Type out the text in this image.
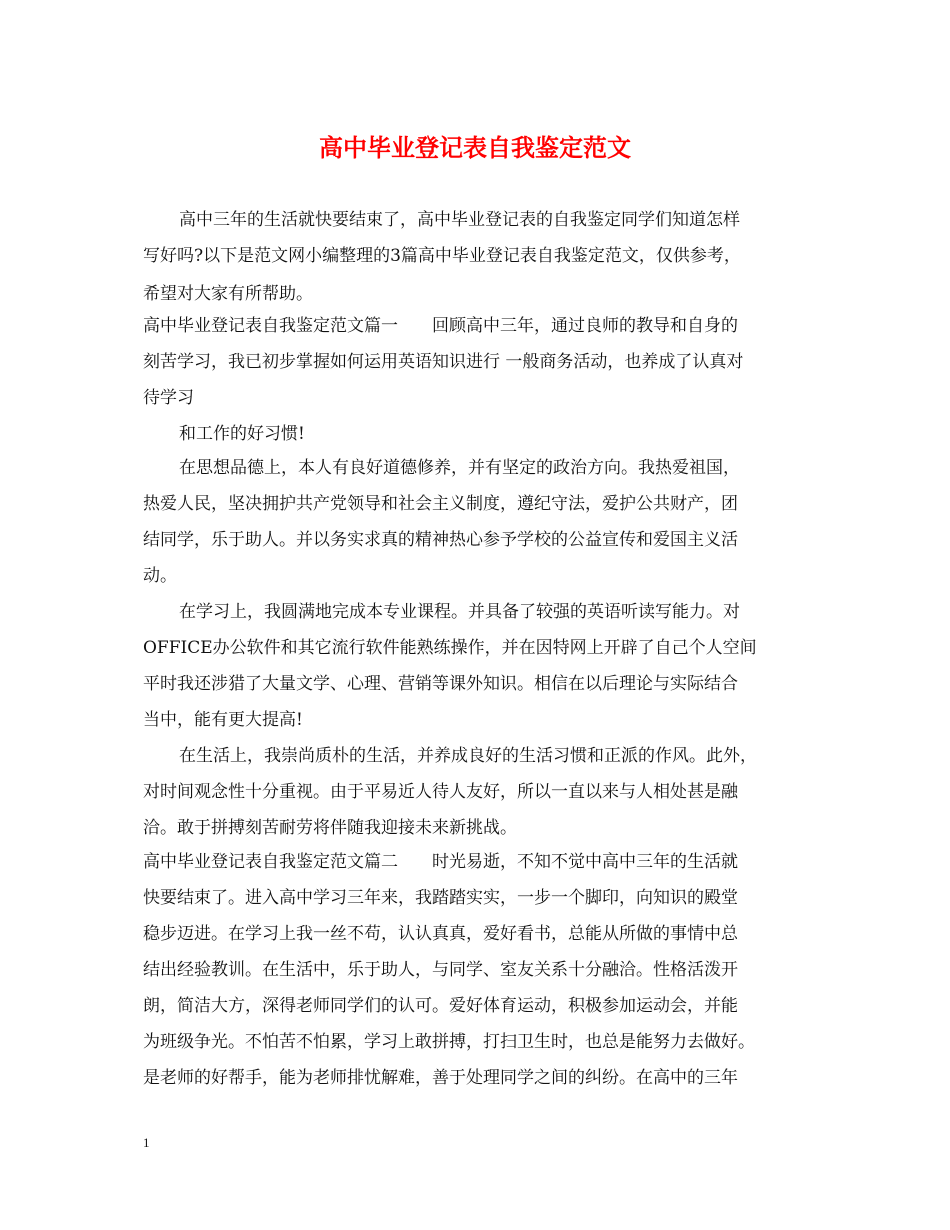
高中毕业登记表自我鉴定范文

高中三年的生活就快要结束了，高中毕业登记表的自我鉴定同学们知道怎样

写好吗?以下是范文网小编整理的3篇高中毕业登记表自我鉴定范文，仅供参考，

希望对大家有所帮助。

高中毕业登记表自我鉴定范文篇一　　回顾高中三年，通过良师的教导和自身的

刻苦学习，我已初步掌握如何运用英语知识进行 一般商务活动，也养成了认真对

待学习

和工作的好习惯!

在思想品德上，本人有良好道德修养，并有坚定的政治方向。我热爱祖国，

热爱人民，坚决拥护共产党领导和社会主义制度，遵纪守法，爱护公共财产，团

结同学，乐于助人。并以务实求真的精神热心参予学校的公益宣传和爱国主义活

动。

在学习上，我圆满地完成本专业课程。并具备了较强的英语听读写能力。对

OFFICE办公软件和其它流行软件能熟练操作，并在因特网上开辟了自己个人空间

平时我还涉猎了大量文学、心理、营销等课外知识。相信在以后理论与实际结合

当中，能有更大提高!

在生活上，我崇尚质朴的生活，并养成良好的生活习惯和正派的作风。此外，

对时间观念性十分重视。由于平易近人待人友好，所以一直以来与人相处甚是融

洽。敢于拼搏刻苦耐劳将伴随我迎接未来新挑战。

高中毕业登记表自我鉴定范文篇二　　时光易逝，不知不觉中高中三年的生活就

快要结束了。进入高中学习三年来，我踏踏实实，一步一个脚印，向知识的殿堂

稳步迈进。在学习上我一丝不苟，认认真真，爱好看书，总能从所做的事情中总

结出经验教训。在生活中，乐于助人，与同学、室友关系十分融洽。性格活泼开

朗，简洁大方，深得老师同学们的认可。爱好体育运动，积极参加运动会，并能

为班级争光。不怕苦不怕累，学习上敢拼搏，打扫卫生时，也总是能努力去做好。

是老师的好帮手，能为老师排忧解难，善于处理同学之间的纠纷。在高中的三年

1
